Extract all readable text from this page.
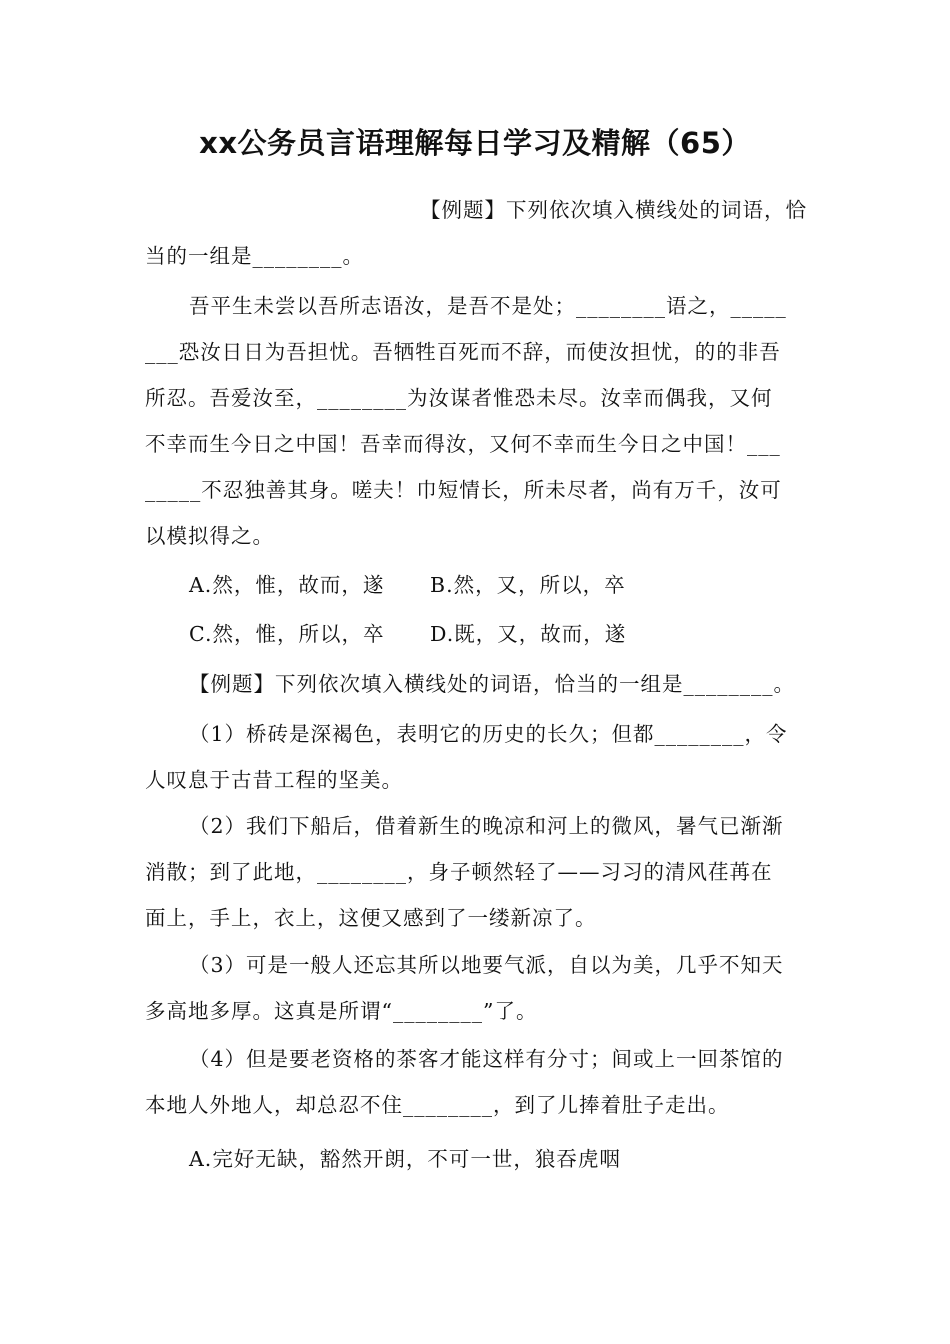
xx公务员言语理解每日学习及精解（65）
【例题】下列依次填入横线处的词语，恰
当的一组是________。
吾平生未尝以吾所志语汝，是吾不是处；________语之，_____
___恐汝日日为吾担忧。吾牺牲百死而不辞，而使汝担忧，的的非吾
所忍。吾爱汝至，________为汝谋者惟恐未尽。汝幸而偶我，又何
不幸而生今日之中国！吾幸而得汝，又何不幸而生今日之中国！___
_____不忍独善其身。嗟夫！巾短情长，所未尽者，尚有万千，汝可
以模拟得之。
A.然，惟，故而，遂 B.然，又，所以，卒
C.然，惟，所以，卒 D.既，又，故而，遂
【例题】下列依次填入横线处的词语，恰当的一组是________。
（1）桥砖是深褐色，表明它的历史的长久；但都________，令
人叹息于古昔工程的坚美。
（2）我们下船后，借着新生的晚凉和河上的微风，暑气已渐渐
消散；到了此地，________，身子顿然轻了——习习的清风荏苒在
面上，手上，衣上，这便又感到了一缕新凉了。
（3）可是一般人还忘其所以地要气派，自以为美，几乎不知天
多高地多厚。这真是所谓“________”了。
（4）但是要老资格的茶客才能这样有分寸；间或上一回茶馆的
本地人外地人，却总忍不住________，到了儿捧着肚子走出。
A.完好无缺，豁然开朗，不可一世，狼吞虎咽
